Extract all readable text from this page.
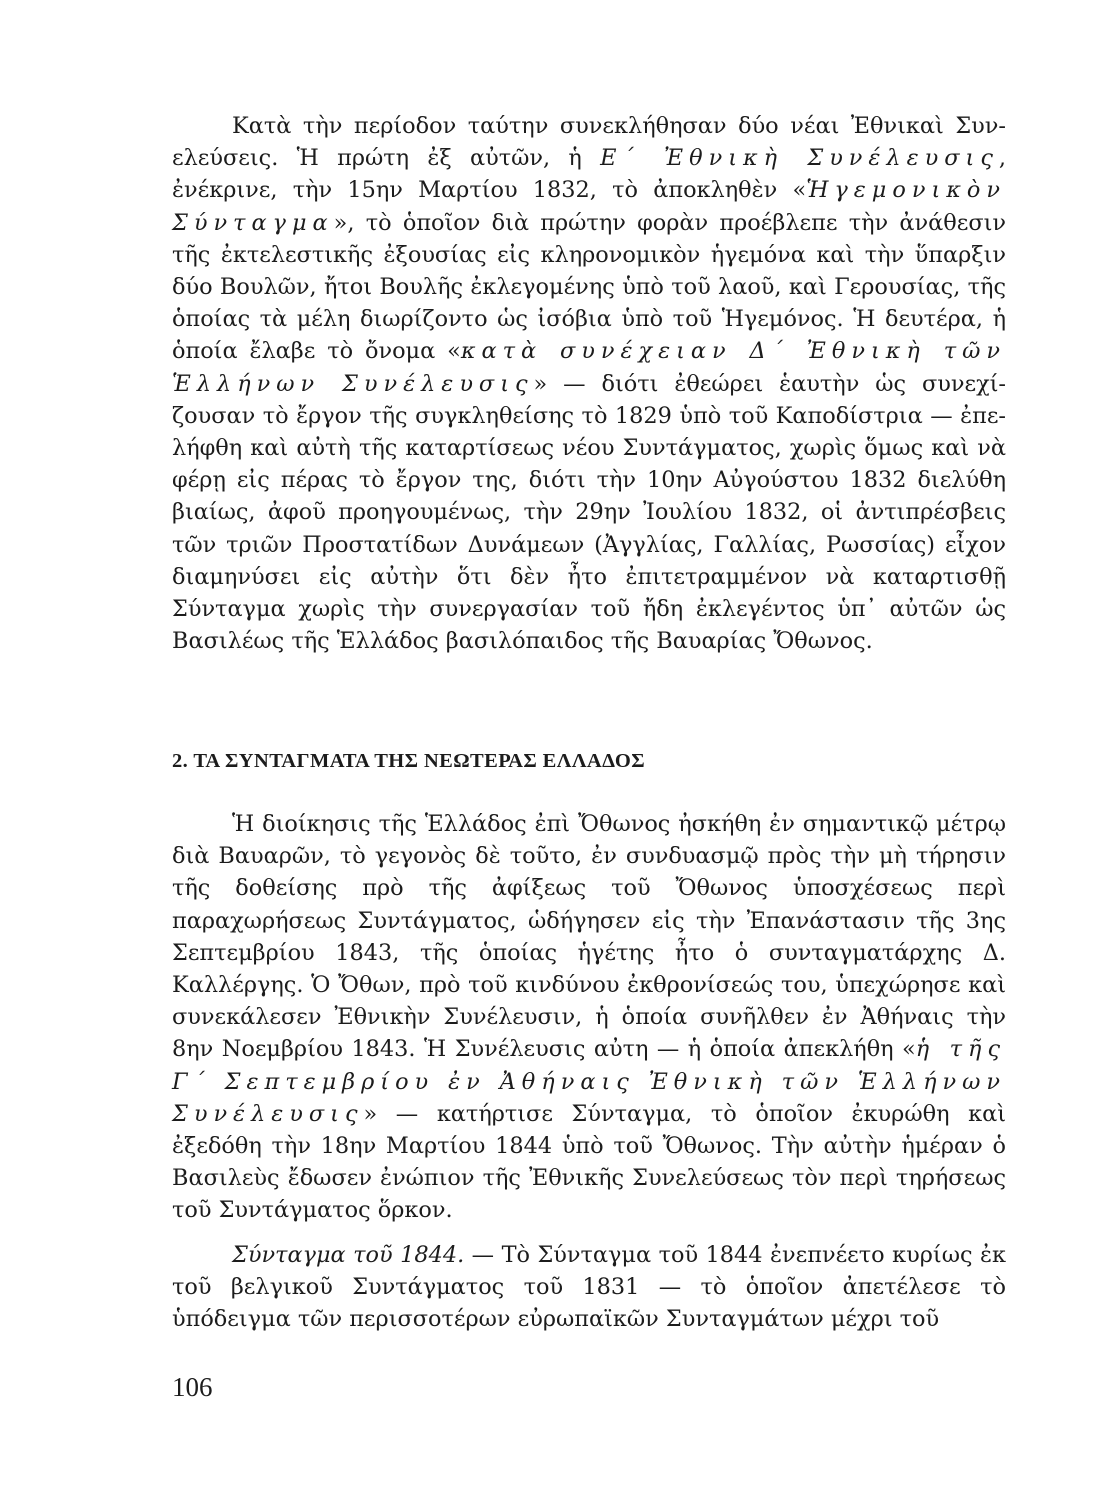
Κατὰ τὴν περίοδον ταύτην συνεκλήθησαν δύο νέαι Ἐθνικαὶ Συνελεύσεις. Ἡ πρώτη ἐξ αὐτῶν, ἡ Ε΄ Ἐθνικὴ Συνέλευσις, ἐνέκρινε, τὴν 15ην Μαρτίου 1832, τὸ ἀποκληθὲν «Ἡγεμονικὸν Σύνταγμα», τὸ ὁποῖον διὰ πρώτην φορὰν προέβλεπε τὴν ἀνάθεσιν τῆς ἐκτελεστικῆς ἐξουσίας εἰς κληρονομικὸν ἡγεμόνα καὶ τὴν ὕπαρξιν δύο Βουλῶν, ἤτοι Βουλῆς ἐκλεγομένης ὑπὸ τοῦ λαοῦ, καὶ Γερουσίας, τῆς ὁποίας τὰ μέλη διωρίζοντο ὡς ἰσόβια ὑπὸ τοῦ Ἡγεμόνος. Ἡ δευτέρα, ἡ ὁποία ἔλαβε τὸ ὄνομα «κατὰ συνέχειαν Δ΄ Ἐθνικὴ τῶν Ἑλλήνων Συνέλευσις» — διότι ἐθεώρει ἑαυτὴν ὡς συνεχίζουσαν τὸ ἔργον τῆς συγκληθείσης τὸ 1829 ὑπὸ τοῦ Καποδίστρια — ἐπελήφθη καὶ αὐτὴ τῆς καταρτίσεως νέου Συντάγματος, χωρὶς ὅμως καὶ νὰ φέρῃ εἰς πέρας τὸ ἔργον της, διότι τὴν 10ην Αὐγούστου 1832 διελύθη βιαίως, ἀφοῦ προηγουμένως, τὴν 29ην Ἰουλίου 1832, οἱ ἀντιπρέσβεις τῶν τριῶν Προστατίδων Δυνάμεων (Ἀγγλίας, Γαλλίας, Ρωσσίας) εἶχον διαμηνύσει εἰς αὐτὴν ὅτι δὲν ἦτο ἐπιτετραμμένον νὰ καταρτισθῇ Σύνταγμα χωρὶς τὴν συνεργασίαν τοῦ ἤδη ἐκλεγέντος ὑπ᾽ αὐτῶν ὡς Βασιλέως τῆς Ἑλλάδος βασιλόπαιδος τῆς Βαυαρίας Ὄθωνος.

2. ΤΑ ΣΥΝΤΑΓΜΑΤΑ ΤΗΣ ΝΕΩΤΕΡΑΣ ΕΛΛΑΔΟΣ

Ἡ διοίκησις τῆς Ἑλλάδος ἐπὶ Ὄθωνος ἠσκήθη ἐν σημαντικῷ μέτρῳ διὰ Βαυαρῶν, τὸ γεγονὸς δὲ τοῦτο, ἐν συνδυασμῷ πρὸς τὴν μὴ τήρησιν τῆς δοθείσης πρὸ τῆς ἀφίξεως τοῦ Ὄθωνος ὑποσχέσεως περὶ παραχωρήσεως Συντάγματος, ὡδήγησεν εἰς τὴν Ἐπανάστασιν τῆς 3ης Σεπτεμβρίου 1843, τῆς ὁποίας ἡγέτης ἦτο ὁ συνταγματάρχης Δ. Καλλέργης. Ὁ Ὄθων, πρὸ τοῦ κινδύνου ἐκθρονίσεώς του, ὑπεχώρησε καὶ συνεκάλεσεν Ἐθνικὴν Συνέλευσιν, ἡ ὁποία συνῆλθεν ἐν Ἀθήναις τὴν 8ην Νοεμβρίου 1843. Ἡ Συνέλευσις αὐτη — ἡ ὁποία ἀπεκλήθη «ἡ τῆς Γ΄ Σεπτεμβρίου ἐν Ἀθήναις Ἐθνικὴ τῶν Ἑλλήνων Συνέλευσις» — κατήρτισε Σύνταγμα, τὸ ὁποῖον ἐκυρώθη καὶ ἐξεδόθη τὴν 18ην Μαρτίου 1844 ὑπὸ τοῦ Ὄθωνος. Τὴν αὐτὴν ἡμέραν ὁ Βασιλεὺς ἔδωσεν ἐνώπιον τῆς Ἐθνικῆς Συνελεύσεως τὸν περὶ τηρήσεως τοῦ Συντάγματος ὅρκον.

Σύνταγμα τοῦ 1844. — Τὸ Σύνταγμα τοῦ 1844 ἐνεπνέετο κυρίως ἐκ τοῦ βελγικοῦ Συντάγματος τοῦ 1831 — τὸ ὁποῖον ἀπετέλεσε τὸ ὑπόδειγμα τῶν περισσοτέρων εὐρωπαϊκῶν Συνταγμάτων μέχρι τοῦ

106
